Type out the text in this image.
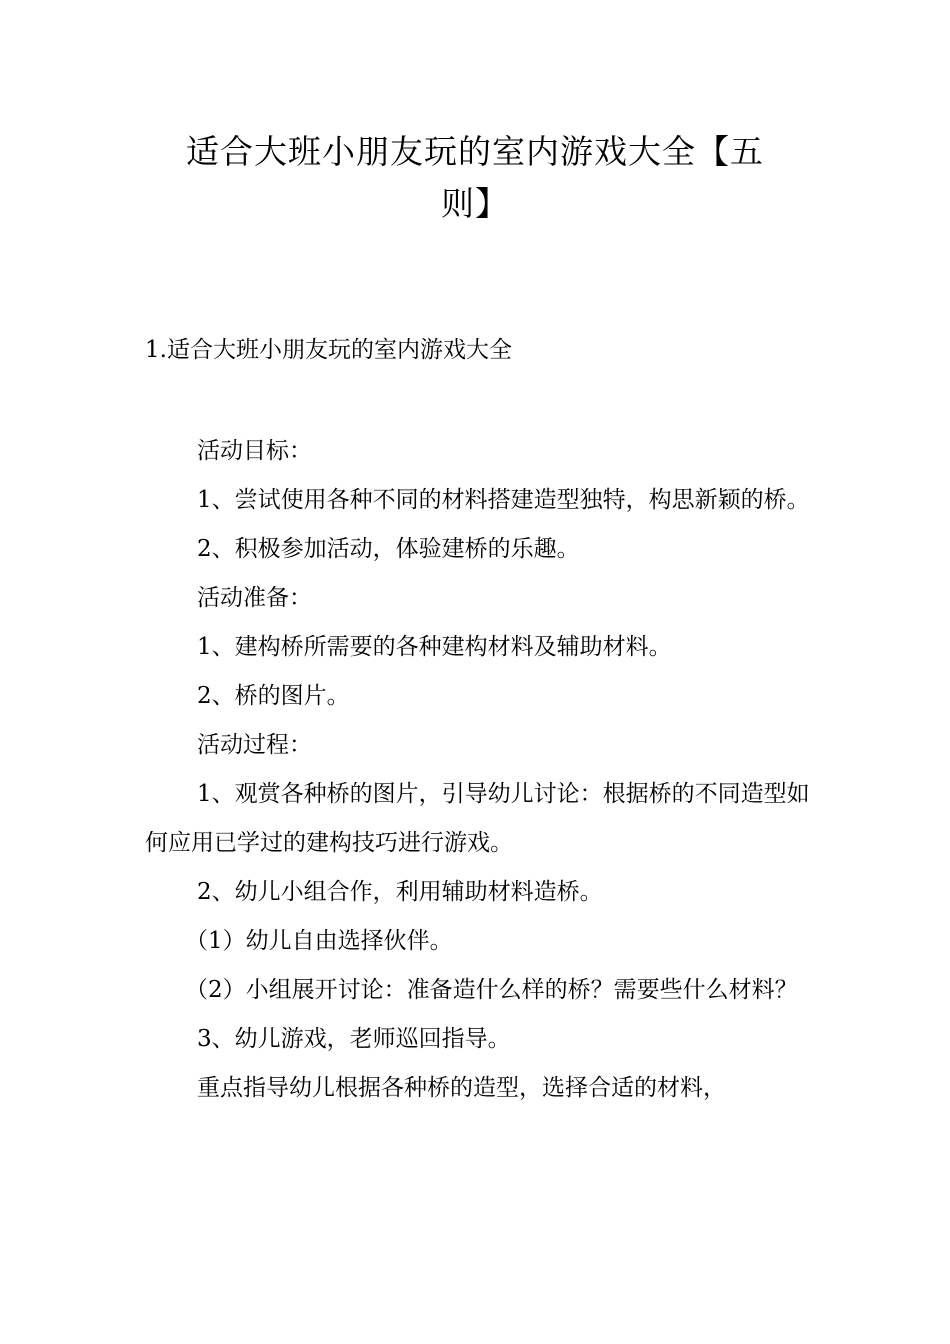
适合大班小朋友玩的室内游戏大全【五
则】
1.适合大班小朋友玩的室内游戏大全

活动目标：

1、尝试使用各种不同的材料搭建造型独特，构思新颖的桥。

2、积极参加活动，体验建桥的乐趣。

活动准备：

1、建构桥所需要的各种建构材料及辅助材料。

2、桥的图片。

活动过程：

1、观赏各种桥的图片，引导幼儿讨论：根据桥的不同造型如何应用已学过的建构技巧进行游戏。

2、幼儿小组合作，利用辅助材料造桥。

（1）幼儿自由选择伙伴。

（2）小组展开讨论：准备造什么样的桥？需要些什么材料？

3、幼儿游戏，老师巡回指导。

重点指导幼儿根据各种桥的造型，选择合适的材料，
